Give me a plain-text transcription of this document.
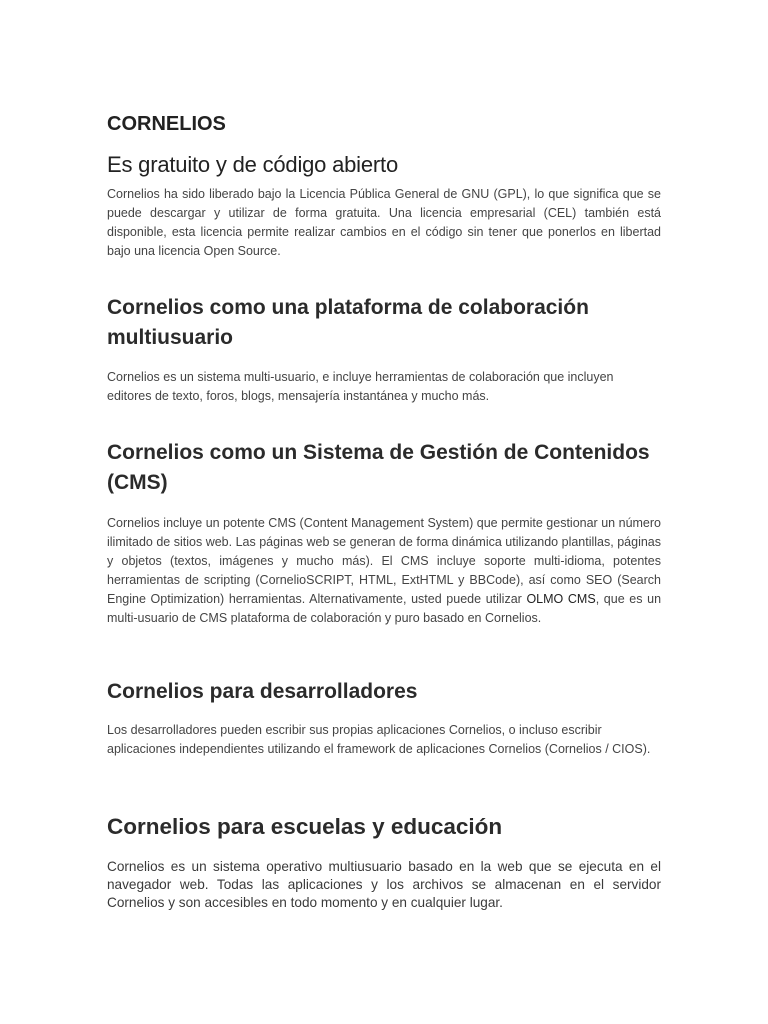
CORNELIOS
Es gratuito y de código abierto

Cornelios ha sido liberado bajo la Licencia Pública General de GNU (GPL), lo que significa que se puede descargar y utilizar de forma gratuita. Una licencia empresarial (CEL) también está disponible, esta licencia permite realizar cambios en el código sin tener que ponerlos en libertad bajo una licencia Open Source.

Cornelios como una plataforma de colaboración multiusuario

Cornelios es un sistema multi-usuario, e incluye herramientas de colaboración que incluyen editores de texto, foros, blogs, mensajería instantánea y mucho más.

Cornelios como un Sistema de Gestión de Contenidos (CMS)

Cornelios incluye un potente CMS (Content Management System) que permite gestionar un número ilimitado de sitios web. Las páginas web se generan de forma dinámica utilizando plantillas, páginas y objetos (textos, imágenes y mucho más). El CMS incluye soporte multi-idioma, potentes herramientas de scripting (CornelioSCRIPT, HTML, ExtHTML y BBCode), así como SEO (Search Engine Optimization) herramientas. Alternativamente, usted puede utilizar OLMO CMS, que es un multi-usuario de CMS plataforma de colaboración y puro basado en Cornelios.

Cornelios para desarrolladores

Los desarrolladores pueden escribir sus propias aplicaciones Cornelios, o incluso escribir aplicaciones independientes utilizando el framework de aplicaciones Cornelios (Cornelios / CIOS).

Cornelios para escuelas y educación

Cornelios es un sistema operativo multiusuario basado en la web que se ejecuta en el navegador web. Todas las aplicaciones y los archivos se almacenan en el servidor Cornelios y son accesibles en todo momento y en cualquier lugar.
